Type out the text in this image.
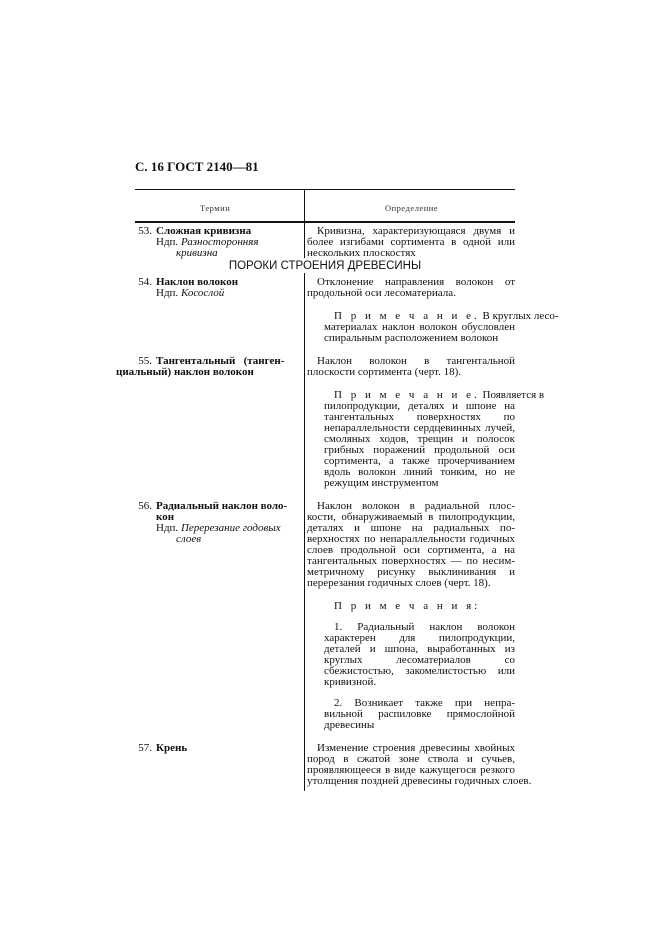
С. 16 ГОСТ 2140—81
Термин	Определение
ПОРОКИ СТРОЕНИЯ ДРЕВЕСИНЫ
53. Сложная кривизна
Ндп. Разносторонняя
кривизна
Кривизна, характеризующаяся двумя и
более изгибами сортимента в одной или
нескольких плоскостях
54. Наклон волокон
Ндп. Косослой
Отклонение направления волокон от
продольной оси лесоматериала.
П р и м е ч а н и е. В круглых лесо-
материалах наклон волокон обусловлен
спиральным расположением волокон
55. Тангентальный   (танген-
циальный) наклон волокон
Наклон волокон в тангентальной
плоскости сортимента (черт. 18).
П р и м е ч а н и е. Появляется в
пилопродукции, деталях и шпоне на
тангентальных поверхностях по
непараллельности сердцевинных лучей,
смоляных ходов, трещин и полосок
грибных поражений продольной оси
сортимента, а также прочерчиванием
вдоль волокон линий тонким, но не
режущим инструментом
56. Радиальный наклон воло-
кон
Ндп. Перерезание годовых
слоев
Наклон волокон в радиальной плос-
кости, обнаруживаемый в пилопродукции,
деталях и шпоне на радиальных по-
верхностях по непараллельности годичных
слоев продольной оси сортимента, а на
тангентальных поверхностях — по несим-
метричному рисунку выклинивания и
перерезания годичных слоев (черт. 18).
П р и м е ч а н и я:
1. Радиальный наклон волокон
характерен для пилопродукции,
деталей и шпона, выработанных из
круглых лесоматериалов со
сбежистостью, закомелистостью или
кривизной.
2. Возникает также при непра-
вильной распиловке прямослойной
древесины
57. Крень	Изменение строения древесины хвойных
пород в сжатой зоне ствола и сучьев,
проявляющееся в виде кажущегося резкого
утолщения поздней древесины годичных слоев.
